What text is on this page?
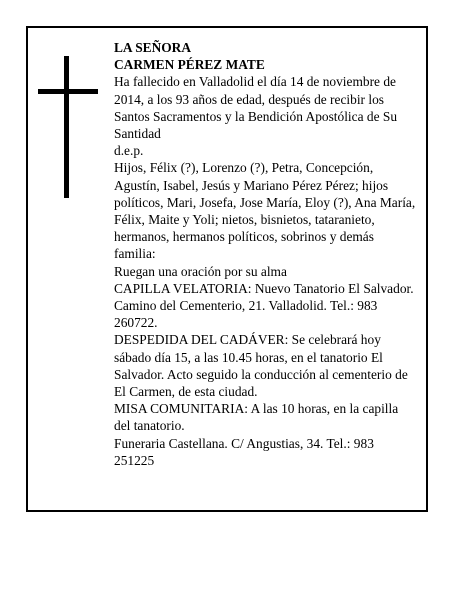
LA SEÑORA

CARMEN PÉREZ MATE

Ha fallecido en Valladolid el día 14 de noviembre de 2014, a los 93 años de edad, después de recibir los Santos Sacramentos y la Bendición Apostólica de Su Santidad

d.e.p.

Hijos, Félix (?), Lorenzo (?), Petra, Concepción, Agustín, Isabel, Jesús y Mariano Pérez Pérez; hijos políticos, Mari, Josefa, Jose María, Eloy (?), Ana María, Félix, Maite y Yoli; nietos, bisnietos, tataranieto, hermanos, hermanos políticos, sobrinos y demás familia:

Ruegan una oración por su alma

CAPILLA VELATORIA: Nuevo Tanatorio El Salvador. Camino del Cementerio, 21. Valladolid. Tel.: 983 260722.

DESPEDIDA DEL CADÁVER: Se celebrará hoy sábado día 15, a las 10.45 horas, en el tanatorio El Salvador. Acto seguido la conducción al cementerio de El Carmen, de esta ciudad.

MISA COMUNITARIA: A las 10 horas, en la capilla del tanatorio.

Funeraria Castellana. C/ Angustias, 34. Tel.: 983 251225
